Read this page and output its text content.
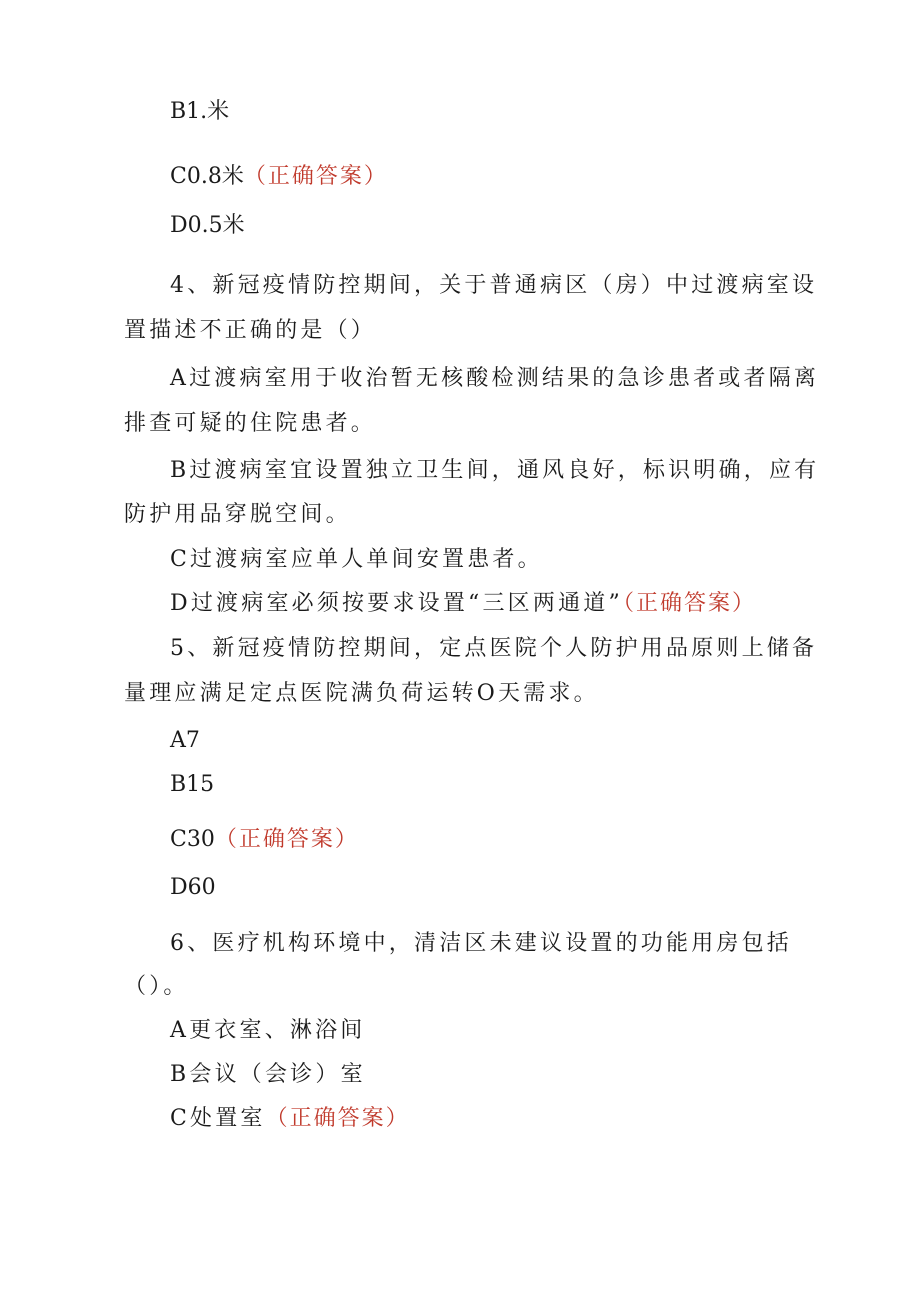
B1.米
C0.8米（正确答案）
D0.5米
4、新冠疫情防控期间，关于普通病区（房）中过渡病室设
置描述不正确的是（）
A过渡病室用于收治暂无核酸检测结果的急诊患者或者隔离
排查可疑的住院患者。
B过渡病室宜设置独立卫生间，通风良好，标识明确，应有
防护用品穿脱空间。
C过渡病室应单人单间安置患者。
D过渡病室必须按要求设置“三区两通道”（正确答案）
5、新冠疫情防控期间，定点医院个人防护用品原则上储备
量理应满足定点医院满负荷运转O天需求。
A7
B15
C30（正确答案）
D60
6、医疗机构环境中，清洁区未建议设置的功能用房包括
（）。
A更衣室、淋浴间
B会议（会诊）室
C处置室（正确答案）
